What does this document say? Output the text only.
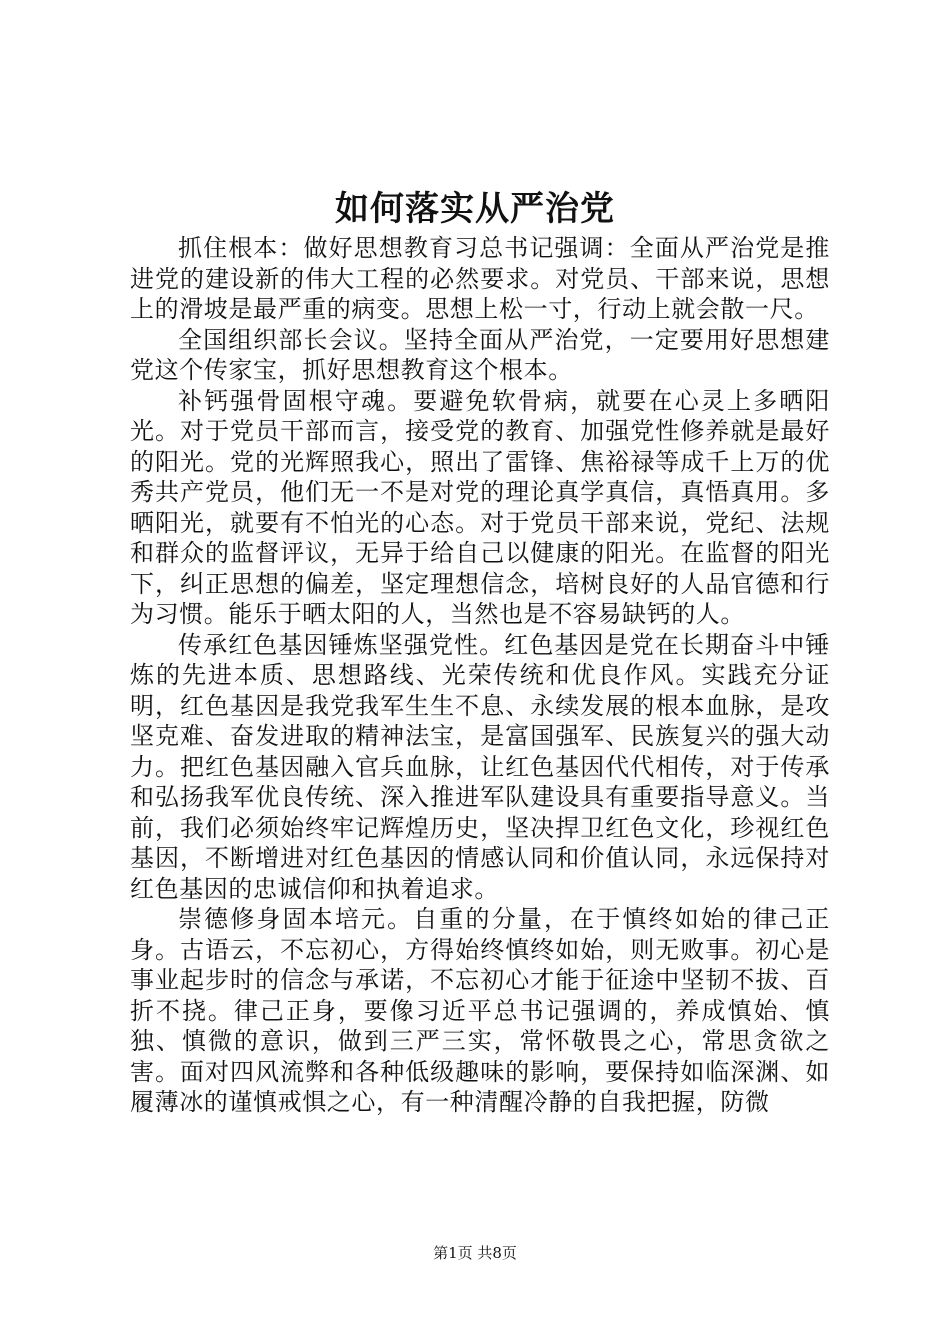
如何落实从严治党

抓住根本：做好思想教育习总书记强调：全面从严治党是推进党的建设新的伟大工程的必然要求。对党员、干部来说，思想上的滑坡是最严重的病变。思想上松一寸，行动上就会散一尺。

全国组织部长会议。坚持全面从严治党，一定要用好思想建党这个传家宝，抓好思想教育这个根本。

补钙强骨固根守魂。要避免软骨病，就要在心灵上多晒阳光。对于党员干部而言，接受党的教育、加强党性修养就是最好的阳光。党的光辉照我心，照出了雷锋、焦裕禄等成千上万的优秀共产党员，他们无一不是对党的理论真学真信，真悟真用。多晒阳光，就要有不怕光的心态。对于党员干部来说，党纪、法规和群众的监督评议，无异于给自己以健康的阳光。在监督的阳光下，纠正思想的偏差，坚定理想信念，培树良好的人品官德和行为习惯。能乐于晒太阳的人，当然也是不容易缺钙的人。

传承红色基因锤炼坚强党性。红色基因是党在长期奋斗中锤炼的先进本质、思想路线、光荣传统和优良作风。实践充分证明，红色基因是我党我军生生不息、永续发展的根本血脉，是攻坚克难、奋发进取的精神法宝，是富国强军、民族复兴的强大动力。把红色基因融入官兵血脉，让红色基因代代相传，对于传承和弘扬我军优良传统、深入推进军队建设具有重要指导意义。当前，我们必须始终牢记辉煌历史，坚决捍卫红色文化，珍视红色基因，不断增进对红色基因的情感认同和价值认同，永远保持对红色基因的忠诚信仰和执着追求。

崇德修身固本培元。自重的分量，在于慎终如始的律己正身。古语云，不忘初心，方得始终慎终如始，则无败事。初心是事业起步时的信念与承诺，不忘初心才能于征途中坚韧不拔、百折不挠。律己正身，要像习近平总书记强调的，养成慎始、慎独、慎微的意识，做到三严三实，常怀敬畏之心，常思贪欲之害。面对四风流弊和各种低级趣味的影响，要保持如临深渊、如履薄冰的谨慎戒惧之心，有一种清醒冷静的自我把握，防微

第1页 共8页
